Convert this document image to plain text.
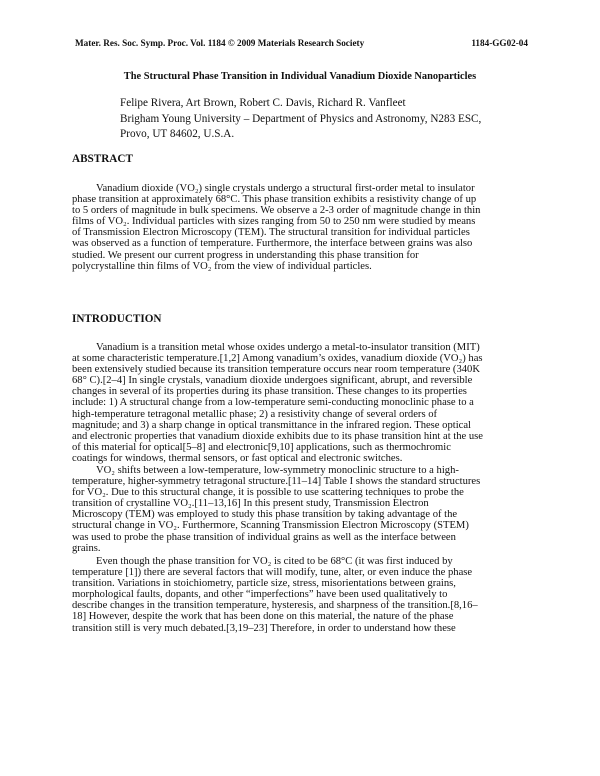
Mater. Res. Soc. Symp. Proc. Vol. 1184 © 2009 Materials Research Society	1184-GG02-04
The Structural Phase Transition in Individual Vanadium Dioxide Nanoparticles
Felipe Rivera, Art Brown, Robert C. Davis, Richard R. Vanfleet
Brigham Young University – Department of Physics and Astronomy, N283 ESC,
Provo, UT 84602, U.S.A.
ABSTRACT
Vanadium dioxide (VO₂) single crystals undergo a structural first-order metal to insulator
phase transition at approximately 68°C. This phase transition exhibits a resistivity change of up
to 5 orders of magnitude in bulk specimens. We observe a 2-3 order of magnitude change in thin
films of VO₂. Individual particles with sizes ranging from 50 to 250 nm were studied by means
of Transmission Electron Microscopy (TEM). The structural transition for individual particles
was observed as a function of temperature. Furthermore, the interface between grains was also
studied. We present our current progress in understanding this phase transition for
polycrystalline thin films of VO₂ from the view of individual particles.
INTRODUCTION
Vanadium is a transition metal whose oxides undergo a metal-to-insulator transition (MIT)
at some characteristic temperature.[1,2] Among vanadium’s oxides, vanadium dioxide (VO₂) has
been extensively studied because its transition temperature occurs near room temperature (340K
68° C).[2–4] In single crystals, vanadium dioxide undergoes significant, abrupt, and reversible
changes in several of its properties during its phase transition. These changes to its properties
include: 1) A structural change from a low-temperature semi-conducting monoclinic phase to a
high-temperature tetragonal metallic phase; 2) a resistivity change of several orders of
magnitude; and 3) a sharp change in optical transmittance in the infrared region. These optical
and electronic properties that vanadium dioxide exhibits due to its phase transition hint at the use
of this material for optical[5–8] and electronic[9,10] applications, such as thermochromic
coatings for windows, thermal sensors, or fast optical and electronic switches.
VO₂ shifts between a low-temperature, low-symmetry monoclinic structure to a high-
temperature, higher-symmetry tetragonal structure.[11–14] Table I shows the standard structures
for VO₂. Due to this structural change, it is possible to use scattering techniques to probe the
transition of crystalline VO₂.[11–13,16] In this present study, Transmission Electron
Microscopy (TEM) was employed to study this phase transition by taking advantage of the
structural change in VO₂. Furthermore, Scanning Transmission Electron Microscopy (STEM)
was used to probe the phase transition of individual grains as well as the interface between
grains.
Even though the phase transition for VO₂ is cited to be 68°C (it was first induced by
temperature [1]) there are several factors that will modify, tune, alter, or even induce the phase
transition. Variations in stoichiometry, particle size, stress, misorientations between grains,
morphological faults, dopants, and other “imperfections” have been used qualitatively to
describe changes in the transition temperature, hysteresis, and sharpness of the transition.[8,16–
18] However, despite the work that has been done on this material, the nature of the phase
transition still is very much debated.[3,19–23] Therefore, in order to understand how these
